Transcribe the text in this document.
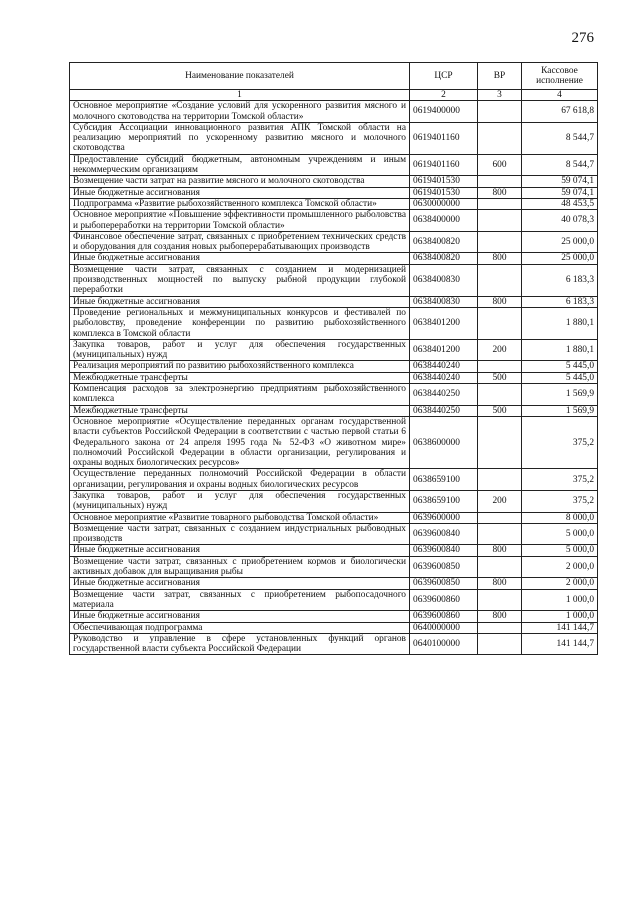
276
Наименование показателей	ЦСР	ВР	Кассовое исполнение
1	2	3	4
Основное мероприятие «Создание условий для ускоренного развития мясного и молочного скотоводства на территории Томской области»	0619400000		67 618,8
Субсидия Ассоциации инновационного развития АПК Томской области на реализацию мероприятий по ускоренному развитию мясного и молочного скотоводства	0619401160		8 544,7
Предоставление субсидий бюджетным, автономным учреждениям и иным некоммерческим организациям	0619401160	600	8 544,7
Возмещение части затрат на развитие мясного и молочного скотоводства	0619401530		59 074,1
Иные бюджетные ассигнования	0619401530	800	59 074,1
Подпрограмма «Развитие рыбохозяйственного комплекса Томской области»	0630000000		48 453,5
Основное мероприятие «Повышение эффективности промышленного рыболовства и рыбопереработки на территории Томской области»	0638400000		40 078,3
Финансовое обеспечение затрат, связанных с приобретением технических средств и оборудования для создания новых рыбоперерабатывающих производств	0638400820		25 000,0
Иные бюджетные ассигнования	0638400820	800	25 000,0
Возмещение части затрат, связанных с созданием и модернизацией производственных мощностей по выпуску рыбной продукции глубокой переработки	0638400830		6 183,3
Иные бюджетные ассигнования	0638400830	800	6 183,3
Проведение региональных и межмуниципальных конкурсов и фестивалей по рыболовству, проведение конференции по развитию рыбохозяйственного комплекса в Томской области	0638401200		1 880,1
Закупка товаров, работ и услуг для обеспечения государственных (муниципальных) нужд	0638401200	200	1 880,1
Реализация мероприятий по развитию рыбохозяйственного комплекса	0638440240		5 445,0
Межбюджетные трансферты	0638440240	500	5 445,0
Компенсация расходов за электроэнергию предприятиям рыбохозяйственного комплекса	0638440250		1 569,9
Межбюджетные трансферты	0638440250	500	1 569,9
Основное мероприятие «Осуществление переданных органам государственной власти субъектов Российской Федерации в соответствии с частью первой статьи 6 Федерального закона от 24 апреля 1995 года № 52-ФЗ «О животном мире» полномочий Российской Федерации в области организации, регулирования и охраны водных биологических ресурсов»	0638600000		375,2
Осуществление переданных полномочий Российской Федерации в области организации, регулирования и охраны водных биологических ресурсов	0638659100		375,2
Закупка товаров, работ и услуг для обеспечения государственных (муниципальных) нужд	0638659100	200	375,2
Основное мероприятие «Развитие товарного рыбоводства Томской области»	0639600000		8 000,0
Возмещение части затрат, связанных с созданием индустриальных рыбоводных производств	0639600840		5 000,0
Иные бюджетные ассигнования	0639600840	800	5 000,0
Возмещение части затрат, связанных с приобретением кормов и биологически активных добавок для выращивания рыбы	0639600850		2 000,0
Иные бюджетные ассигнования	0639600850	800	2 000,0
Возмещение части затрат, связанных с приобретением рыбопосадочного материала	0639600860		1 000,0
Иные бюджетные ассигнования	0639600860	800	1 000,0
Обеспечивающая подпрограмма	0640000000		141 144,7
Руководство и управление в сфере установленных функций органов государственной власти субъекта Российской Федерации	0640100000		141 144,7
